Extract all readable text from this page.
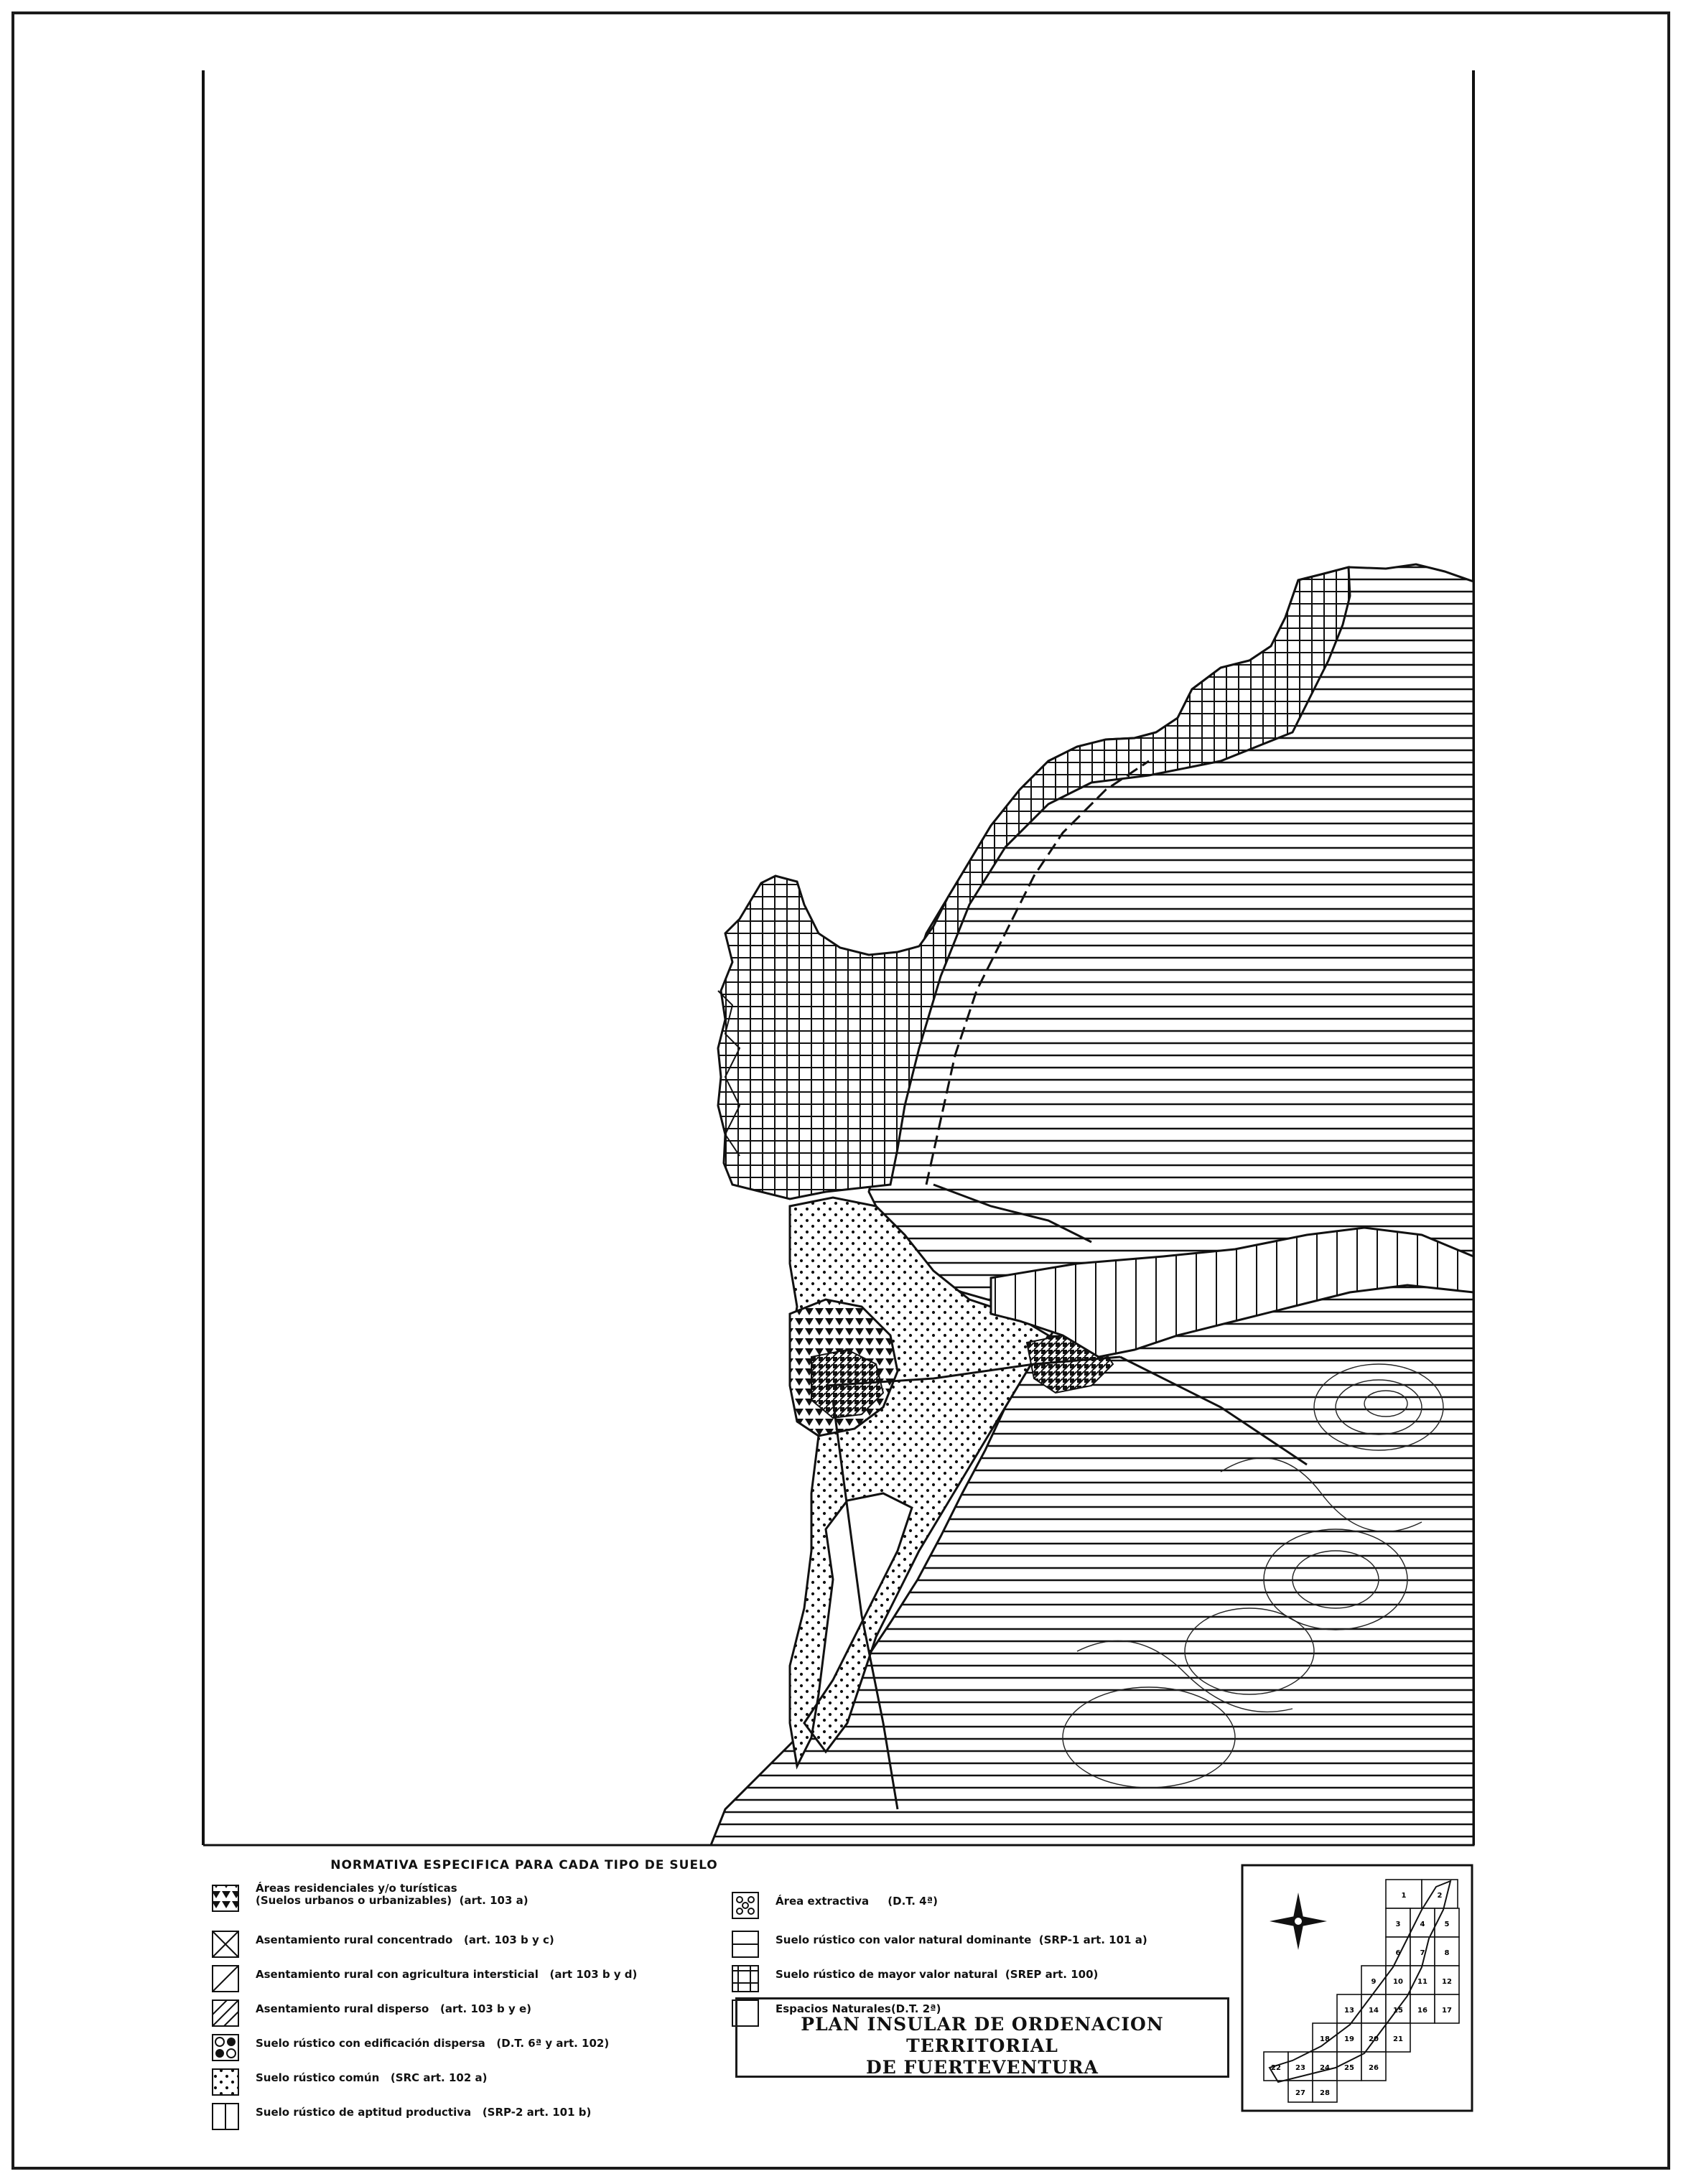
1	2
3	4	5
6	7	8
9 10 11 12
13 14 15 16 17
18 19 20 21
22 23 24 25 26
27 28
NORMATIVA ESPECIFICA PARA CADA TIPO DE SUELO
Áreas residenciales y/o turísticas
(Suelos urbanos o urbanizables) (art. 103 a)
Asentamiento rural concentrado (art. 103 b y c)
Asentamiento rural con agricultura intersticial (art 103 b y d)
Asentamiento rural disperso (art. 103 b y e)
Suelo rústico con edificación dispersa (D.T. 6ª y art. 102)
Suelo rústico común (SRC art. 102 a)
Suelo rústico de aptitud productiva (SRP-2 art. 101 b)
Área extractiva (D.T. 4ª)
Suelo rústico con valor natural dominante (SRP-1 art. 101 a)
Suelo rústico de mayor valor natural (SREP art. 100)
Espacios Naturales(D.T. 2ª)
PLAN INSULAR DE ORDENACION TERRITORIAL
DE FUERTEVENTURA
